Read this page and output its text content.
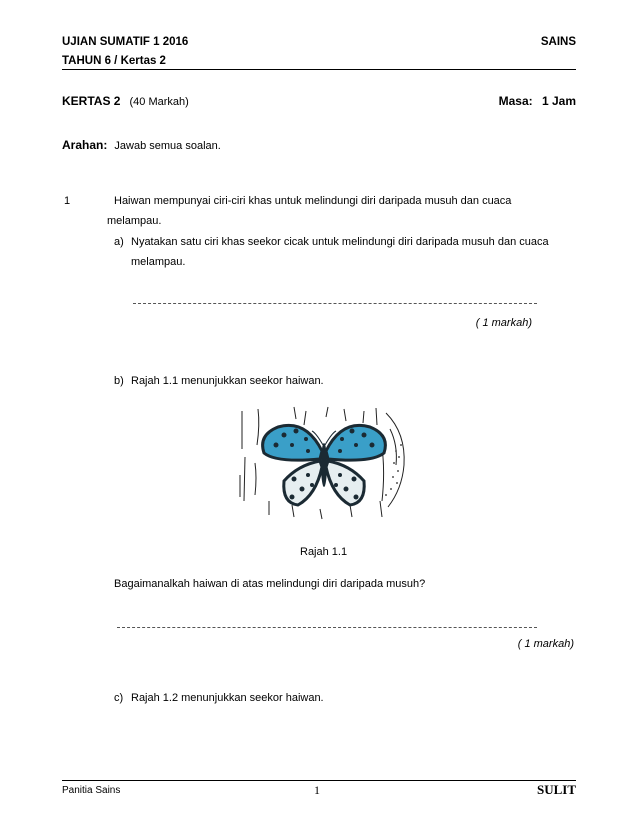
UJIAN SUMATIF 1 2016	SAINS
TAHUN 6 / Kertas 2
KERTAS 2 (40 Markah)	Masa: 1 Jam
Arahan: Jawab semua soalan.
1	Haiwan mempunyai ciri-ciri khas untuk melindungi diri daripada musuh dan cuaca
melampau.
a) Nyatakan satu ciri khas seekor cicak untuk melindungi diri daripada musuh dan cuaca
melampau.
( 1 markah)
b) Rajah 1.1 menunjukkan seekor haiwan.
Rajah 1.1
Bagaimanalkah haiwan di atas melindungi diri daripada musuh?
( 1 markah)
c) Rajah 1.2 menunjukkan seekor haiwan.
Panitia Sains	1	SULIT
